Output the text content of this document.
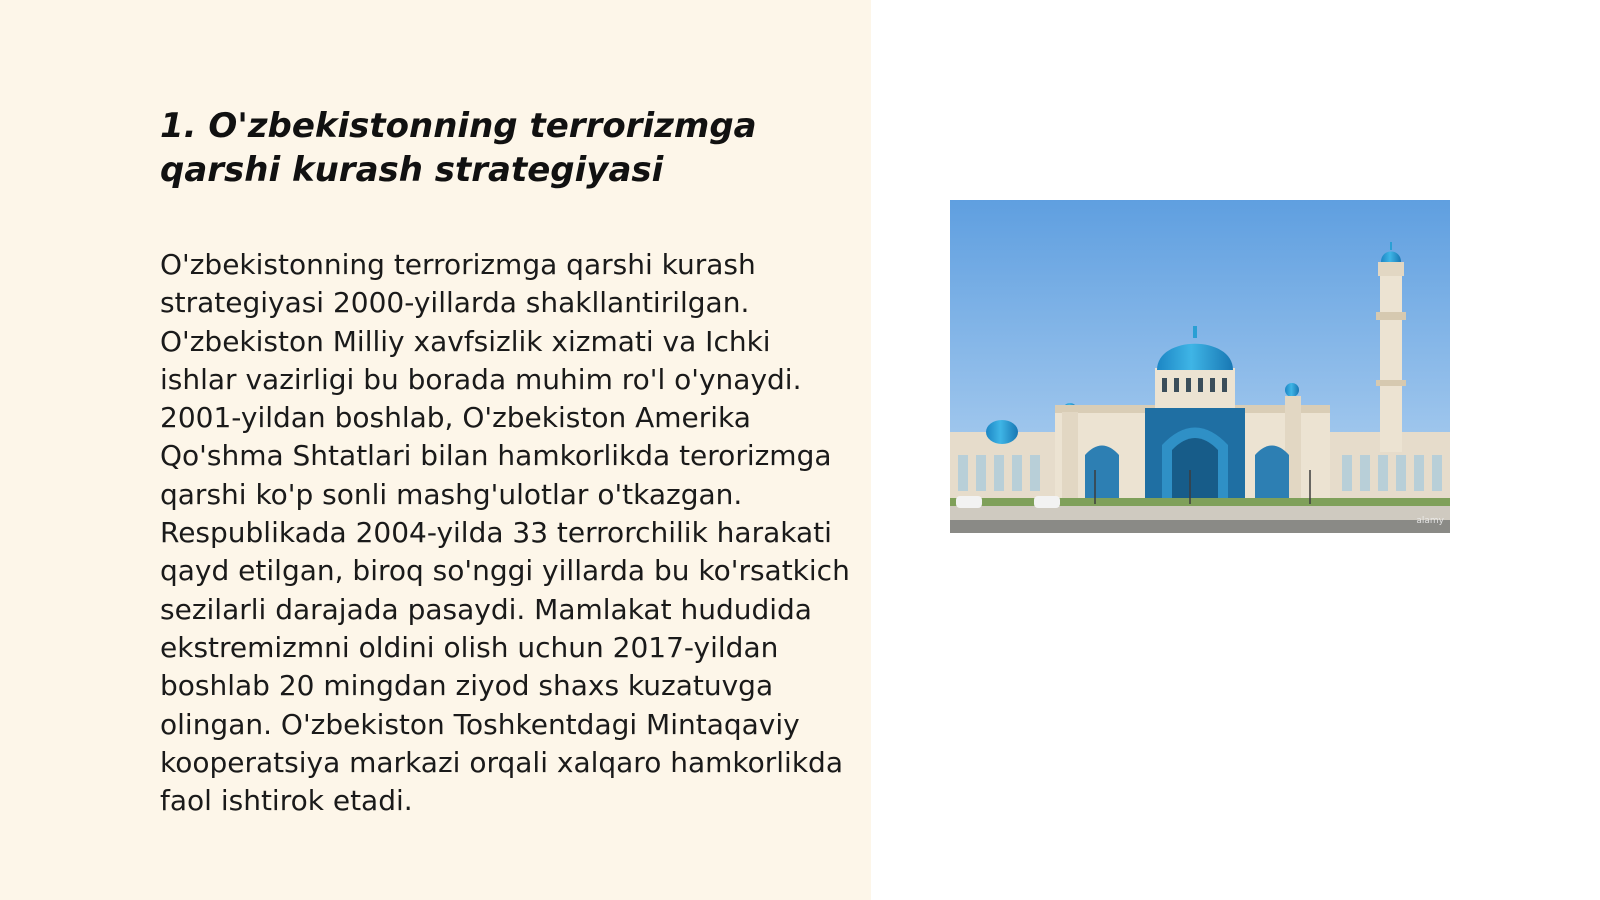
1. O'zbekistonning terrorizmga qarshi kurash strategiyasi

O'zbekistonning terrorizmga qarshi kurash strategiyasi 2000-yillarda shakllantirilgan. O'zbekiston Milliy xavfsizlik xizmati va Ichki ishlar vazirligi bu borada muhim ro'l o'ynaydi. 2001-yildan boshlab, O'zbekiston Amerika Qo'shma Shtatlari bilan hamkorlikda terorizmga qarshi ko'p sonli mashg'ulotlar o'tkazgan. Respublikada 2004-yilda 33 terrorchilik harakati qayd etilgan, biroq so'nggi yillarda bu ko'rsatkich sezilarli darajada pasaydi. Mamlakat hududida ekstremizmni oldini olish uchun 2017-yildan boshlab 20 mingdan ziyod shaxs kuzatuvga olingan. O'zbekiston Toshkentdagi Mintaqaviy kooperatsiya markazi orqali xalqaro hamkorlikda faol ishtirok etadi.

alamy
